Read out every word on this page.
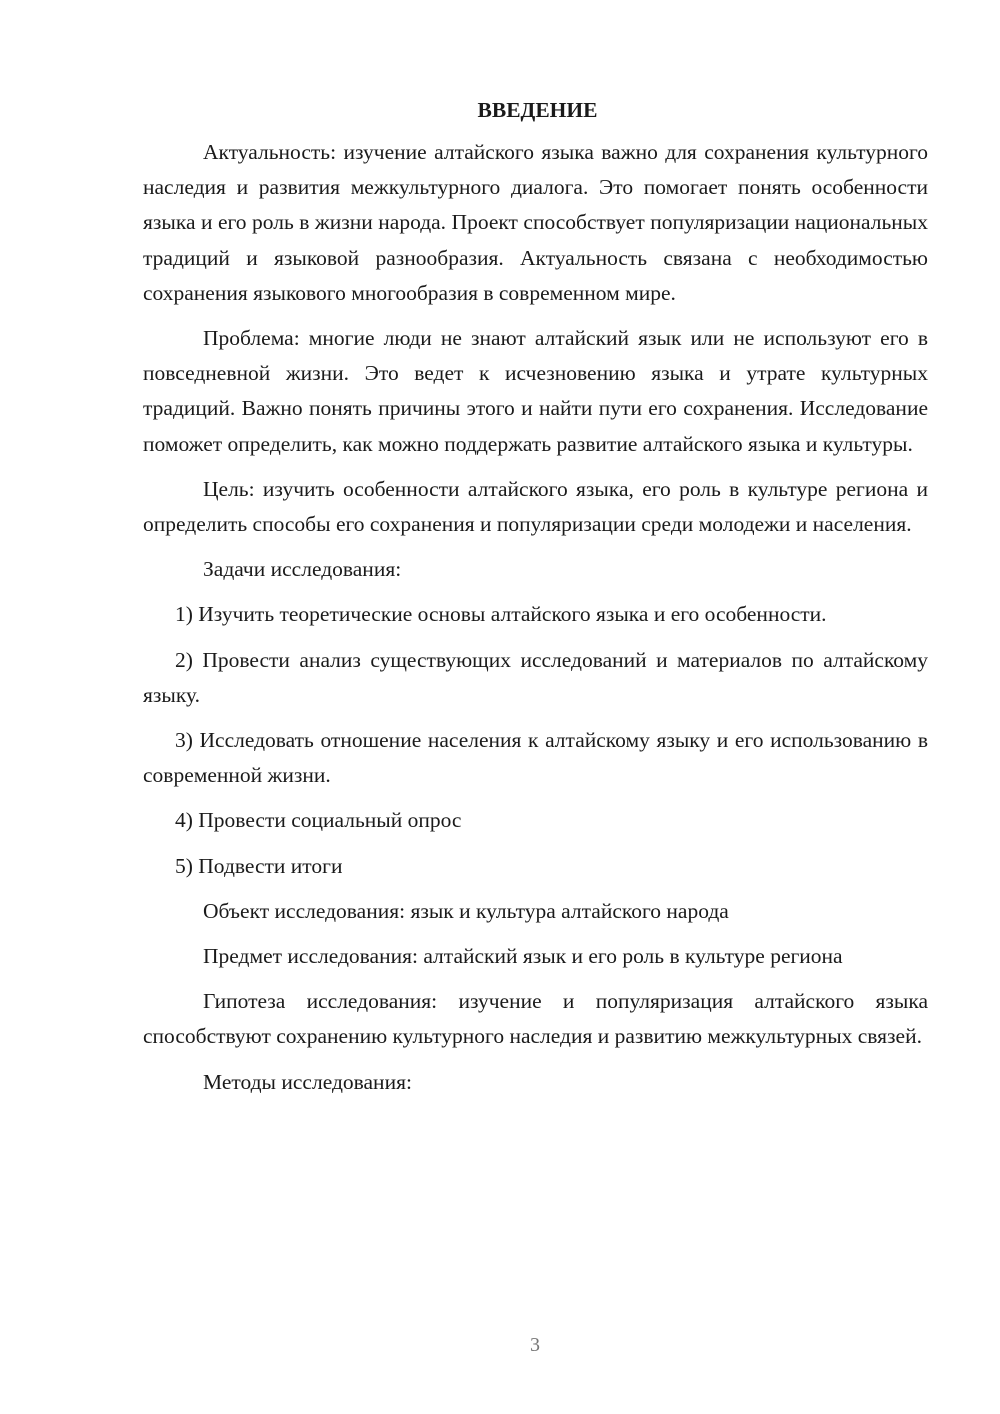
ВВЕДЕНИЕ

Актуальность: изучение алтайского языка важно для сохранения культурного наследия и развития межкультурного диалога. Это помогает понять особенности языка и его роль в жизни народа. Проект способствует популяризации национальных традиций и языковой разнообразия. Актуальность связана с необходимостью сохранения языкового многообразия в современном мире.

Проблема: многие люди не знают алтайский язык или не используют его в повседневной жизни. Это ведет к исчезновению языка и утрате культурных традиций. Важно понять причины этого и найти пути его сохранения. Исследование поможет определить, как можно поддержать развитие алтайского языка и культуры.

Цель: изучить особенности алтайского языка, его роль в культуре региона и определить способы его сохранения и популяризации среди молодежи и населения.

Задачи исследования:

1) Изучить теоретические основы алтайского языка и его особенности.

2) Провести анализ существующих исследований и материалов по алтайскому языку.

3) Исследовать отношение населения к алтайскому языку и его использованию в современной жизни.

4) Провести социальный опрос

5) Подвести итоги

Объект исследования: язык и культура алтайского народа

Предмет исследования: алтайский язык и его роль в культуре региона

Гипотеза исследования: изучение и популяризация алтайского языка способствуют сохранению культурного наследия и развитию межкультурных связей.

Методы исследования:

3
